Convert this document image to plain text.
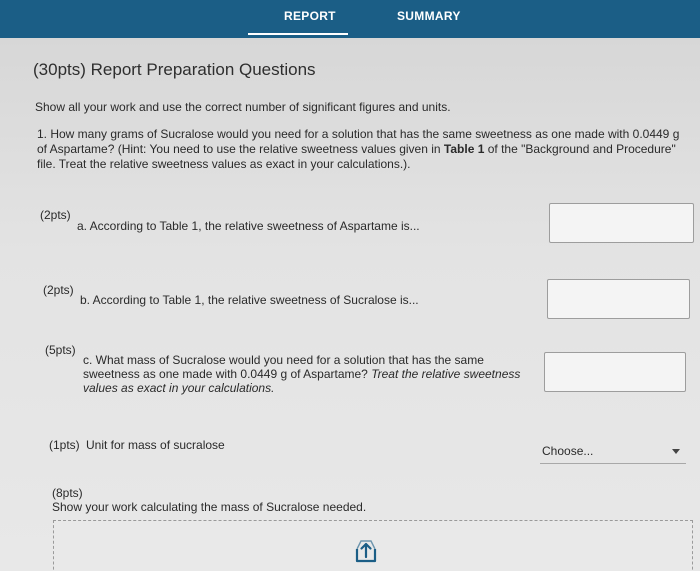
REPORT	SUMMARY
(30pts) Report Preparation Questions
Show all your work and use the correct number of significant figures and units.
1. How many grams of Sucralose would you need for a solution that has the same sweetness as one made with 0.0449 g of Aspartame? (Hint: You need to use the relative sweetness values given in Table 1 of the "Background and Procedure" file. Treat the relative sweetness values as exact in your calculations.).
(2pts)
a. According to Table 1, the relative sweetness of Aspartame is...
(2pts)
b. According to Table 1, the relative sweetness of Sucralose is...
(5pts)
c. What mass of Sucralose would you need for a solution that has the same sweetness as one made with 0.0449 g of Aspartame? Treat the relative sweetness values as exact in your calculations.
(1pts) Unit for mass of sucralose	Choose...
(8pts)
Show your work calculating the mass of Sucralose needed.
